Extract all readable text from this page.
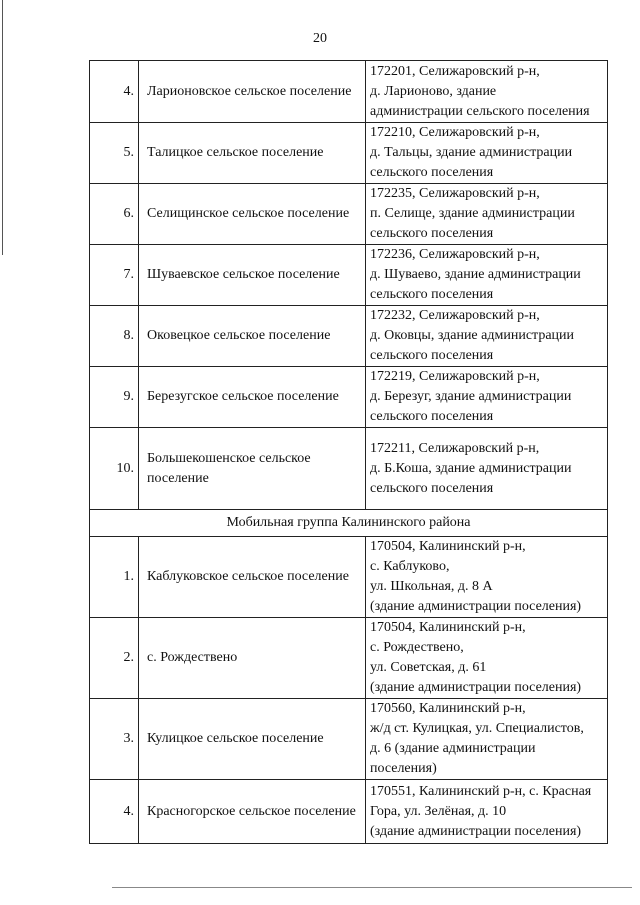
20
4.	Ларионовское сельское поселение	172201, Селижаровский р-н,
д. Ларионово, здание
администрации сельского поселения

5.	Талицкое сельское поселение	172210, Селижаровский р-н,
д. Тальцы, здание администрации
сельского поселения

6.	Селищинское сельское поселение	172235, Селижаровский р-н,
п. Селище, здание администрации
сельского поселения

7.	Шуваевское сельское поселение	172236, Селижаровский р-н,
д. Шуваево, здание администрации
сельского поселения

8.	Оковецкое сельское поселение	172232, Селижаровский р-н,
д. Оковцы, здание администрации
сельского поселения

9.	Березугское сельское поселение	172219, Селижаровский р-н,
д. Березуг, здание администрации
сельского поселения

10.	Большекошенское сельское поселение	172211, Селижаровский р-н,
д. Б.Коша, здание администрации
сельского поселения

Мобильная группа Калининского района		
1.	Каблуковское сельское поселение	170504, Калининский р-н,
с. Каблуково,
ул. Школьная, д. 8 А
(здание администрации поселения)

2.	с. Рождествено	170504, Калининский р-н,
с. Рождествено,
ул. Советская, д. 61
(здание администрации поселения)

3.	Кулицкое сельское поселение	170560, Калининский р-н,
ж/д ст. Кулицкая, ул. Специалистов,
д. 6 (здание администрации
поселения)

4.	Красногорское сельское поселение	170551, Калининский р-н, с. Красная
Гора, ул. Зелёная, д. 10
(здание администрации поселения)
